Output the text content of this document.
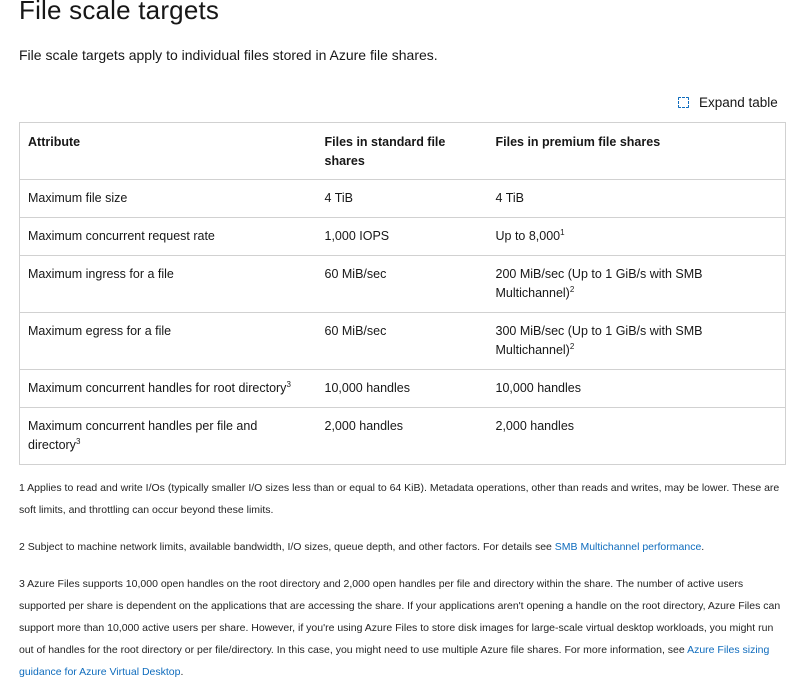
File scale targets

File scale targets apply to individual files stored in Azure file shares.

Expand table
Attribute	Files in standard file shares	Files in premium file shares
Maximum file size	4 TiB	4 TiB
Maximum concurrent request rate	1,000 IOPS	Up to 8,000$^1$
Maximum ingress for a file	60 MiB/sec	200 MiB/sec (Up to 1 GiB/s with SMB Multichannel)$^2$
Maximum egress for a file	60 MiB/sec	300 MiB/sec (Up to 1 GiB/s with SMB Multichannel)$^2$
Maximum concurrent handles for root directory$^3$	10,000 handles	10,000 handles
Maximum concurrent handles per file and directory$^3$	2,000 handles	2,000 handles

1 Applies to read and write I/Os (typically smaller I/O sizes less than or equal to 64 KiB). Metadata operations, other than reads and writes, may be lower. These are soft limits, and throttling can occur beyond these limits.

2 Subject to machine network limits, available bandwidth, I/O sizes, queue depth, and other factors. For details see SMB Multichannel performance.

3 Azure Files supports 10,000 open handles on the root directory and 2,000 open handles per file and directory within the share. The number of active users supported per share is dependent on the applications that are accessing the share. If your applications aren't opening a handle on the root directory, Azure Files can support more than 10,000 active users per share. However, if you're using Azure Files to store disk images for large-scale virtual desktop workloads, you might run out of handles for the root directory or per file/directory. In this case, you might need to use multiple Azure file shares. For more information, see Azure Files sizing guidance for Azure Virtual Desktop.
